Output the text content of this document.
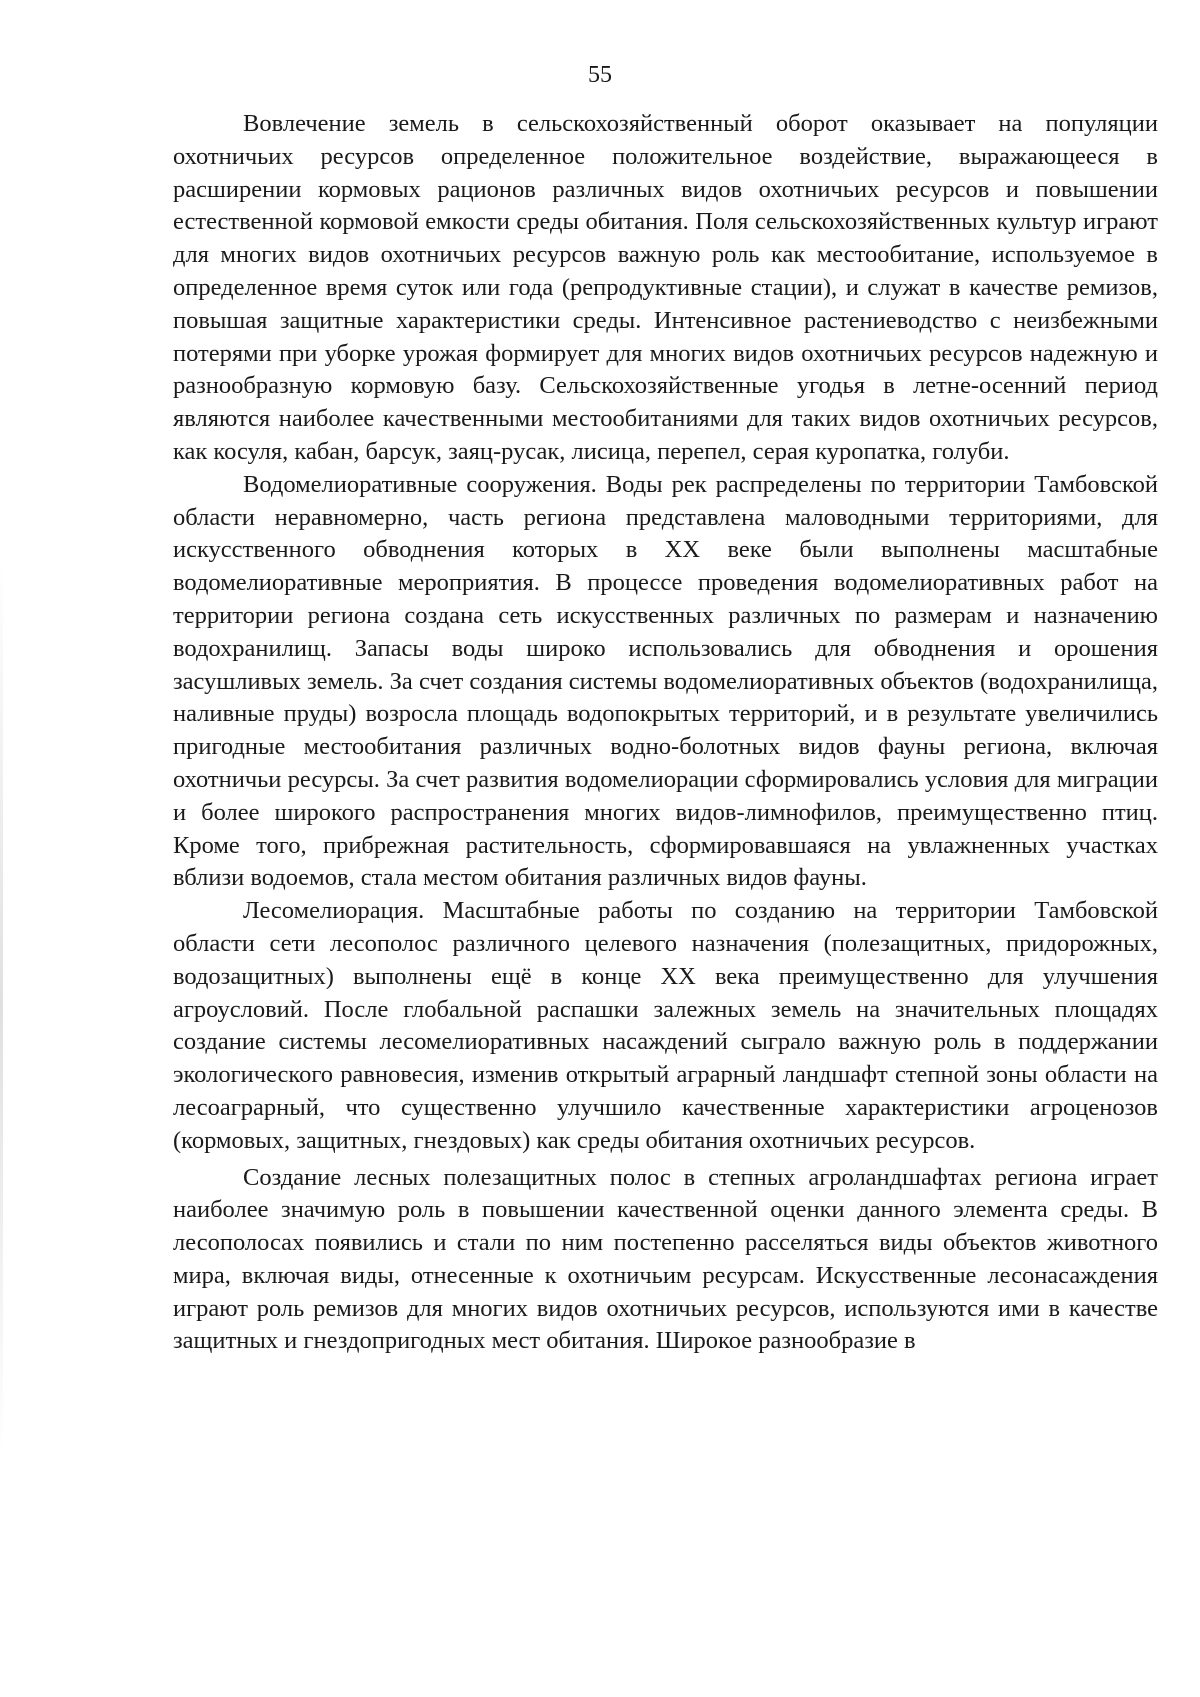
55

Вовлечение земель в сельскохозяйственный оборот оказывает на популяции охотничьих ресурсов определенное положительное воздействие, выражающееся в расширении кормовых рационов различных видов охотничьих ресурсов и повышении естественной кормовой емкости среды обитания. Поля сельскохозяйственных культур играют для многих видов охотничьих ресурсов важную роль как местообитание, используемое в определенное время суток или года (репродуктивные стации), и служат в качестве ремизов, повышая защитные характеристики среды. Интенсивное растениеводство с неизбежными потерями при уборке урожая формирует для многих видов охотничьих ресурсов надежную и разнообразную кормовую базу. Сельскохозяйственные угодья в летне-осенний период являются наиболее качественными местообитаниями для таких видов охотничьих ресурсов, как косуля, кабан, барсук, заяц-русак, лисица, перепел, серая куропатка, голуби.

Водомелиоративные сооружения. Воды рек распределены по территории Тамбовской области неравномерно, часть региона представлена маловодными территориями, для искусственного обводнения которых в XX веке были выполнены масштабные водомелиоративные мероприятия. В процессе проведения водомелиоративных работ на территории региона создана сеть искусственных различных по размерам и назначению водохранилищ. Запасы воды широко использовались для обводнения и орошения засушливых земель. За счет создания системы водомелиоративных объектов (водохранилища, наливные пруды) возросла площадь водопокрытых территорий, и в результате увеличились пригодные местообитания различных водно-болотных видов фауны региона, включая охотничьи ресурсы. За счет развития водомелиорации сформировались условия для миграции и более широкого распространения многих видов-лимнофилов, преимущественно птиц. Кроме того, прибрежная растительность, сформировавшаяся на увлажненных участках вблизи водоемов, стала местом обитания различных видов фауны.

Лесомелиорация. Масштабные работы по созданию на территории Тамбовской области сети лесополос различного целевого назначения (полезащитных, придорожных, водозащитных) выполнены ещё в конце XX века преимущественно для улучшения агроусловий. После глобальной распашки залежных земель на значительных площадях создание системы лесомелиоративных насаждений сыграло важную роль в поддержании экологического равновесия, изменив открытый аграрный ландшафт степной зоны области на лесоаграрный, что существенно улучшило качественные характеристики агроценозов (кормовых, защитных, гнездовых) как среды обитания охотничьих ресурсов.

Создание лесных полезащитных полос в степных агроландшафтах региона играет наиболее значимую роль в повышении качественной оценки данного элемента среды. В лесополосах появились и стали по ним постепенно расселяться виды объектов животного мира, включая виды, отнесенные к охотничьим ресурсам. Искусственные лесонасаждения играют роль ремизов для многих видов охотничьих ресурсов, используются ими в качестве защитных и гнездопригодных мест обитания. Широкое разнообразие в
